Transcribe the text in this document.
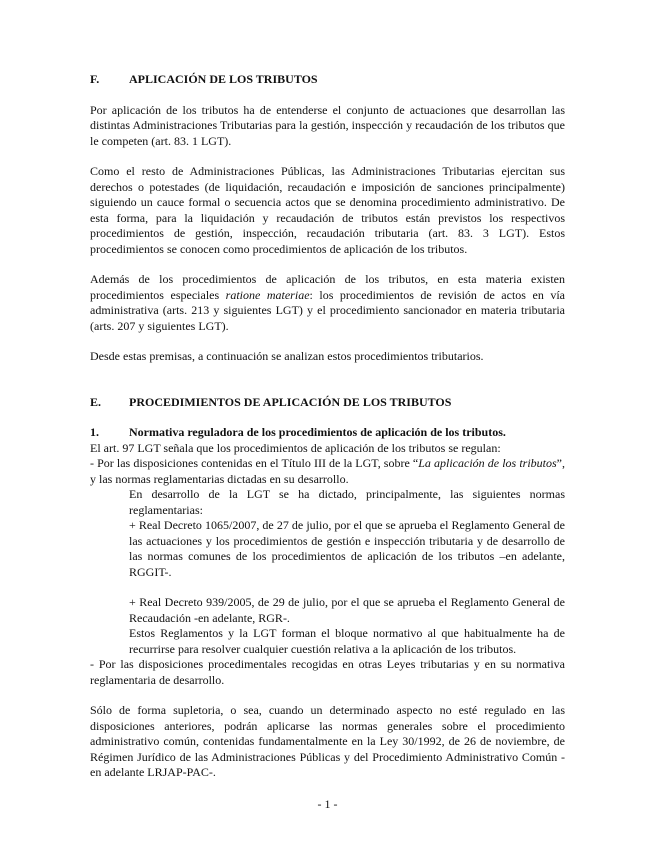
F.	APLICACIÓN DE LOS TRIBUTOS

Por aplicación de los tributos ha de entenderse el conjunto de actuaciones que desarrollan las distintas Administraciones Tributarias para la gestión, inspección y recaudación de los tributos que le competen (art. 83. 1 LGT).

Como el resto de Administraciones Públicas, las Administraciones Tributarias ejercitan sus derechos o potestades (de liquidación, recaudación e imposición de sanciones principalmente) siguiendo un cauce formal o secuencia actos que se denomina procedimiento administrativo. De esta forma, para la liquidación y recaudación de tributos están previstos los respectivos procedimientos de gestión, inspección, recaudación tributaria (art. 83. 3 LGT). Estos procedimientos se conocen como procedimientos de aplicación de los tributos.

Además de los procedimientos de aplicación de los tributos, en esta materia existen procedimientos especiales ratione materiae: los procedimientos de revisión de actos en vía administrativa (arts. 213 y siguientes LGT) y el procedimiento sancionador en materia tributaria (arts. 207 y siguientes LGT).

Desde estas premisas, a continuación se analizan estos procedimientos tributarios.

E.	PROCEDIMIENTOS DE APLICACIÓN DE LOS TRIBUTOS
1.	Normativa reguladora de los procedimientos de aplicación de los tributos.

El art. 97 LGT señala que los procedimientos de aplicación de los tributos se regulan:

- Por las disposiciones contenidas en el Título III de la LGT, sobre “La aplicación de los tributos”, y las normas reglamentarias dictadas en su desarrollo.

En desarrollo de la LGT se ha dictado, principalmente, las siguientes normas reglamentarias:

+ Real Decreto 1065/2007, de 27 de julio, por el que se aprueba el Reglamento General de las actuaciones y los procedimientos de gestión e inspección tributaria y de desarrollo de las normas comunes de los procedimientos de aplicación de los tributos –en adelante, RGGIT-.

+ Real Decreto 939/2005, de 29 de julio, por el que se aprueba el Reglamento General de Recaudación -en adelante, RGR-.

Estos Reglamentos y la LGT forman el bloque normativo al que habitualmente ha de recurrirse para resolver cualquier cuestión relativa a la aplicación de los tributos.

- Por las disposiciones procedimentales recogidas en otras Leyes tributarias y en su normativa reglamentaria de desarrollo.

Sólo de forma supletoria, o sea, cuando un determinado aspecto no esté regulado en las disposiciones anteriores, podrán aplicarse las normas generales sobre el procedimiento administrativo común, contenidas fundamentalmente en la Ley 30/1992, de 26 de noviembre, de Régimen Jurídico de las Administraciones Públicas y del Procedimiento Administrativo Común -en adelante LRJAP-PAC-.

- 1 -
